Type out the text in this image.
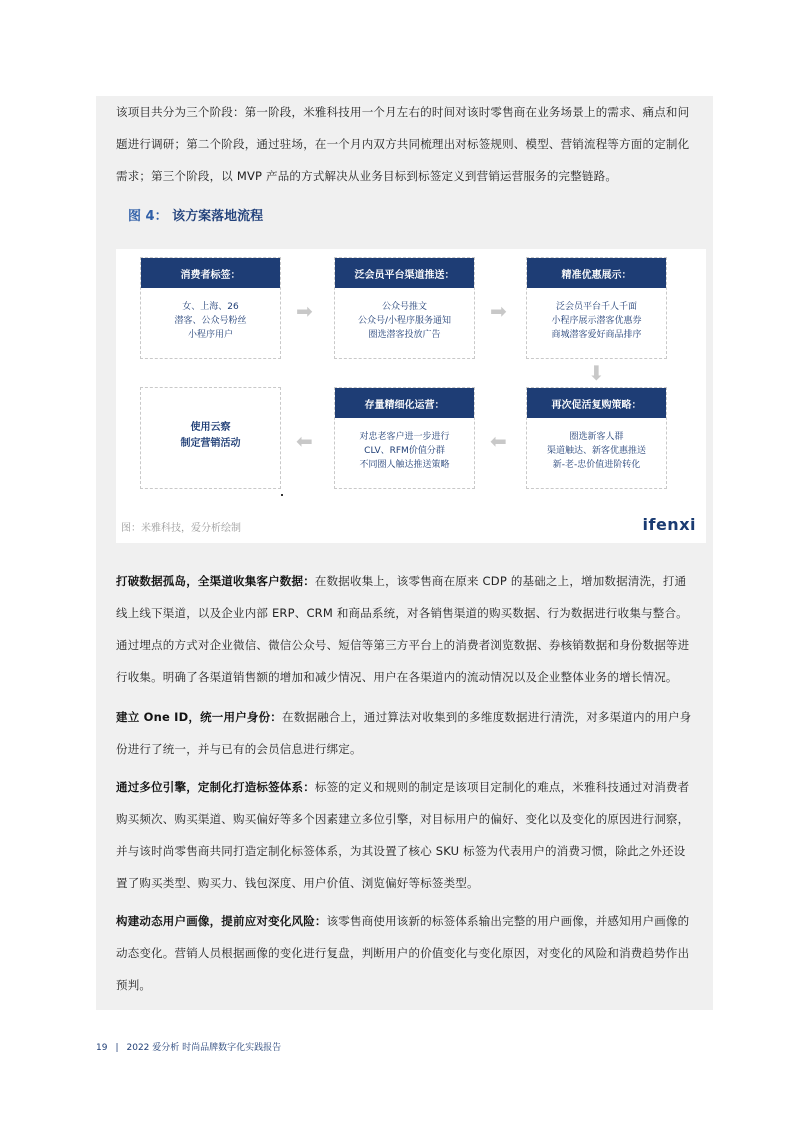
该项目共分为三个阶段：第一阶段，米雅科技用一个月左右的时间对该时零售商在业务场景上的需求、痛点和问题进行调研；第二个阶段，通过驻场，在一个月内双方共同梳理出对标签规则、模型、营销流程等方面的定制化需求；第三个阶段，以 MVP 产品的方式解决从业务目标到标签定义到营销运营服务的完整链路。

图 4： 该方案落地流程

消费者标签：
女、上海、26
潜客、公众号粉丝
小程序用户
➡
泛会员平台渠道推送：
公众号推文
公众号/小程序服务通知
圈选潜客投放广告
➡
精准优惠展示：
泛会员平台千人千面
小程序展示潜客优惠券
商城潜客爱好商品排序
⬇
使用云察
制定营销活动	⬅
存量精细化运营：
对忠老客户进一步进行
CLV、RFM价值分群
不同圈人触达推送策略
⬅
再次促活复购策略：
圈选新客人群
渠道触达、新客优惠推送
新-老-忠价值进阶转化
图：米雅科技，爱分析绘制	ifenxi

打破数据孤岛，全渠道收集客户数据：在数据收集上，该零售商在原来 CDP 的基础之上，增加数据清洗，打通线上线下渠道，以及企业内部 ERP、CRM 和商品系统，对各销售渠道的购买数据、行为数据进行收集与整合。通过埋点的方式对企业微信、微信公众号、短信等第三方平台上的消费者浏览数据、券核销数据和身份数据等进行收集。明确了各渠道销售额的增加和减少情况、用户在各渠道内的流动情况以及企业整体业务的增长情况。

建立 One ID，统一用户身份：在数据融合上，通过算法对收集到的多维度数据进行清洗，对多渠道内的用户身份进行了统一，并与已有的会员信息进行绑定。

通过多位引擎，定制化打造标签体系：标签的定义和规则的制定是该项目定制化的难点，米雅科技通过对消费者购买频次、购买渠道、购买偏好等多个因素建立多位引擎，对目标用户的偏好、变化以及变化的原因进行洞察，并与该时尚零售商共同打造定制化标签体系，为其设置了核心 SKU 标签为代表用户的消费习惯，除此之外还设置了购买类型、购买力、钱包深度、用户价值、浏览偏好等标签类型。

构建动态用户画像，提前应对变化风险：该零售商使用该新的标签体系输出完整的用户画像，并感知用户画像的动态变化。营销人员根据画像的变化进行复盘，判断用户的价值变化与变化原因，对变化的风险和消费趋势作出预判。

19 | 2022 爱分析 时尚品牌数字化实践报告
